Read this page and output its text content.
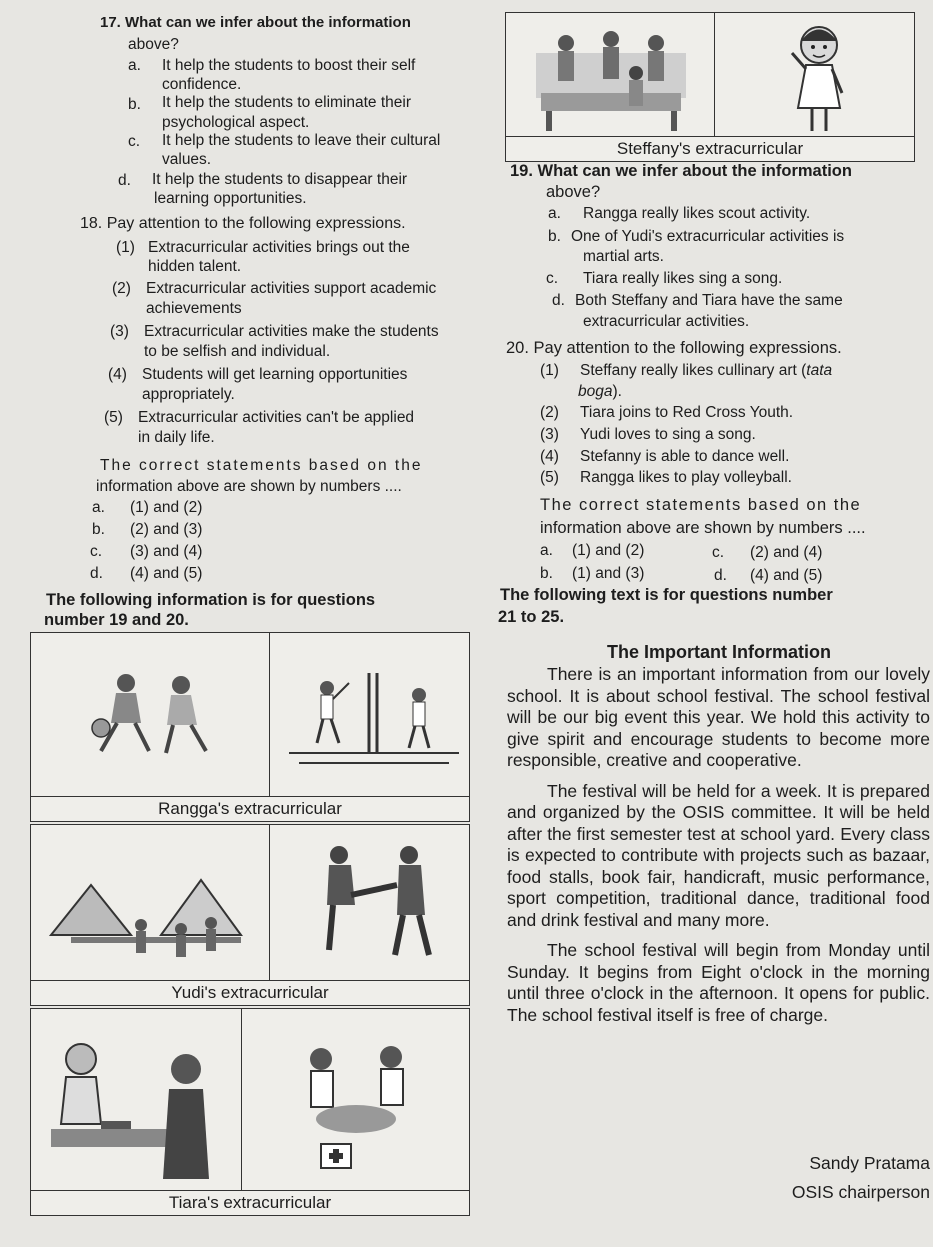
17. What can we infer about the information
above?
a. It help the students to boost their self
confidence.
b. It help the students to eliminate their
psychological aspect.
c. It help the students to leave their cultural
values.
d. It help the students to disappear their
learning opportunities.
18. Pay attention to the following expressions.
(1) Extracurricular activities brings out the
hidden talent.
(2) Extracurricular activities support academic
achievements
(3) Extracurricular activities make the students
to be selfish and individual.
(4) Students will get learning opportunities
appropriately.
(5) Extracurricular activities can't be applied
in daily life.
The correct statements based on the
information above are shown by numbers ....
a. (1) and (2)
b. (2) and (3)
c. (3) and (4)
d. (4) and (5)
The following information is for questions
number 19 and 20.
Steffany's extracurricular
19. What can we infer about the information
above?
a. Rangga really likes scout activity.
b. One of Yudi's extracurricular activities is
martial arts.
c. Tiara really likes sing a song.
d. Both Steffany and Tiara have the same
extracurricular activities.
20. Pay attention to the following expressions.
(1) Steffany really likes cullinary art (tata
boga).
(2) Tiara joins to Red Cross Youth.
(3) Yudi loves to sing a song.
(4) Stefanny is able to dance well.
(5) Rangga likes to play volleyball.
The correct statements based on the
information above are shown by numbers ....
a. (1) and (2)	c. (2) and (4)
b. (1) and (3)	d. (4) and (5)
The following text is for questions number
21 to 25.
Rangga's extracurricular
Yudi's extracurricular
Tiara's extracurricular
The Important Information

There is an important information from our lovely school. It is about school festival. The school festival will be our big event this year. We hold this activity to give spirit and encourage students to become more responsible, creative and cooperative.

The festival will be held for a week. It is prepared and organized by the OSIS committee. It will be held after the first semester test at school yard. Every class is expected to contribute with projects such as bazaar, food stalls, book fair, handicraft, music performance, sport competition, traditional dance, traditional food and drink festival and many more.

The school festival will begin from Monday until Sunday. It begins from Eight o'clock in the morning until three o'clock in the afternoon. It opens for public. The school festival itself is free of charge.

Sandy Pratama
OSIS chairperson
